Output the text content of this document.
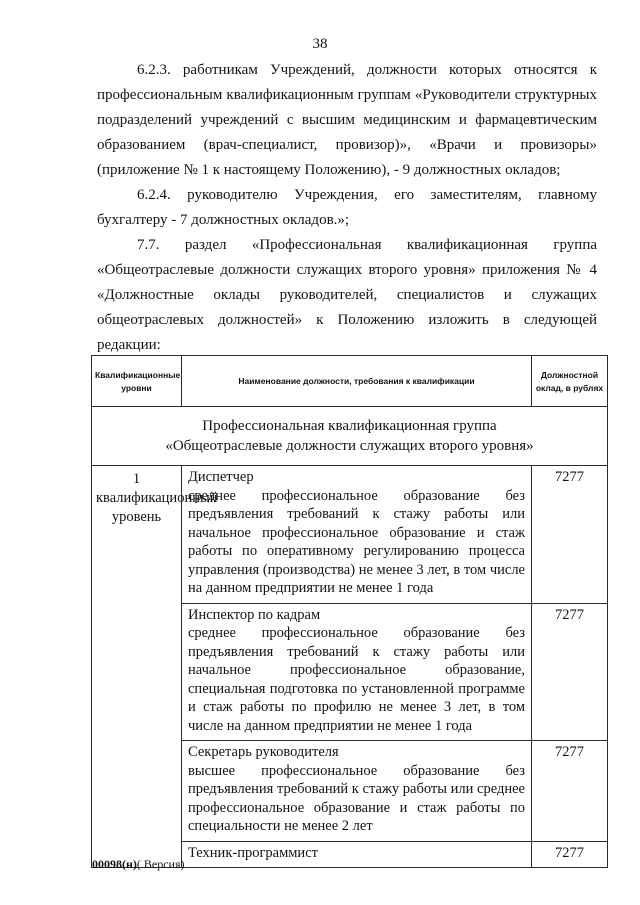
38

6.2.3. работникам Учреждений, должности которых относятся к профессиональным квалификационным группам «Руководители структурных подразделений учреждений с высшим медицинским и фармацевтическим образованием (врач-специалист, провизор)», «Врачи и провизоры» (приложение № 1 к настоящему Положению), - 9 должностных окладов;

6.2.4. руководителю Учреждения, его заместителям, главному бухгалтеру - 7 должностных окладов.»;

7.7. раздел «Профессиональная квалификационная группа «Общеотраслевые должности служащих второго уровня» приложения № 4 «Должностные оклады руководителей, специалистов и служащих общеотраслевых должностей» к Положению изложить в следующей редакции:

Квалификационные уровни	Наименование должности, требования к квалификации	Должностной оклад, в рублях
Профессиональная квалификационная группа
«Общеотраслевые должности служащих второго уровня»		
1 квалификационный уровень	Диспетчер
среднее профессиональное образование без предъявления требований к стажу работы или начальное профессиональное образование и стаж работы по оперативному регулированию процесса управления (производства) не менее 3 лет, в том числе на данном предприятии не менее 1 года	7277

	Инспектор по кадрам
среднее профессиональное образование без предъявления требований к стажу работы или начальное профессиональное образование, специальная подготовка по установленной программе и стаж работы по профилю не менее 3 лет, в том числе на данном предприятии не менее 1 года	7277

	Секретарь руководителя
высшее профессиональное образование без предъявления требований к стажу работы или среднее профессиональное образование и стаж работы по специальности не менее 2 лет	7277

	Техник-программист	7277
00098(н)( Версия)
